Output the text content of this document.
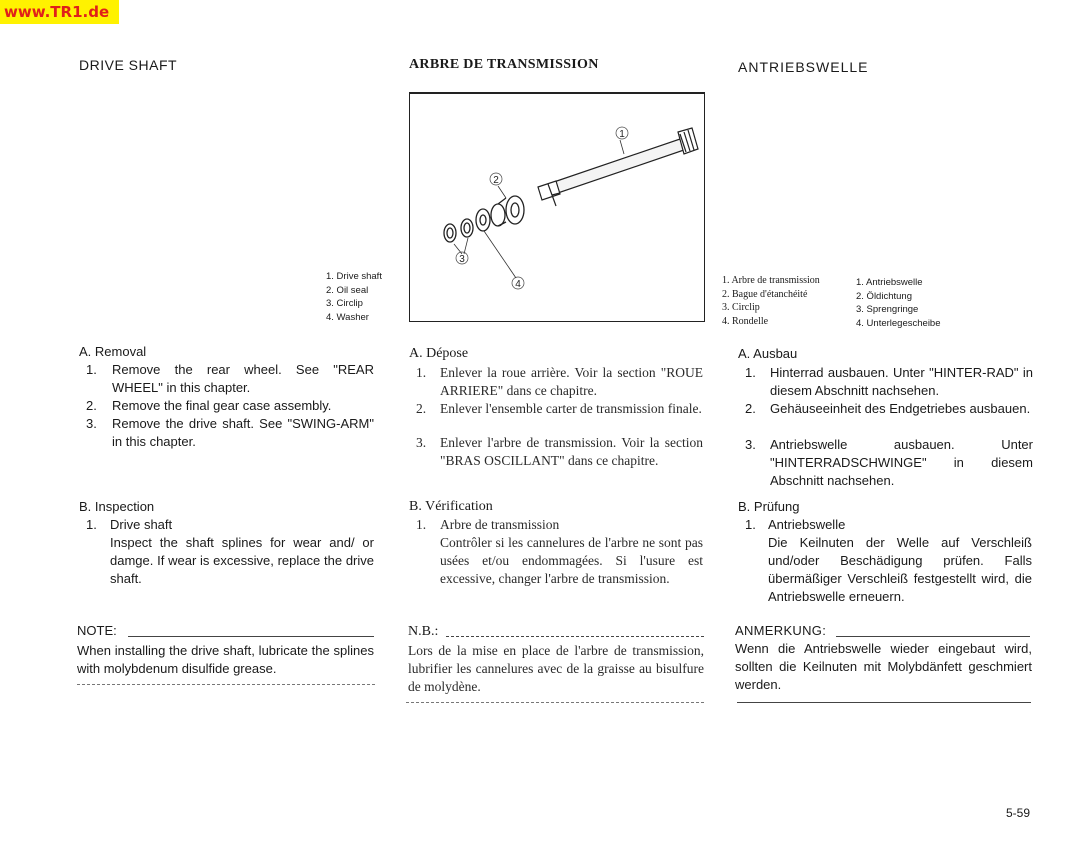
www.TR1.de
DRIVE SHAFT	ARBRE DE TRANSMISSION	ANTRIEBSWELLE
1
2
3
4
1. Drive shaft
2. Oil seal
3. Circlip
4. Washer
1. Arbre de transmission
2. Bague d'étanchéité
3. Circlip
4. Rondelle
1. Antriebswelle
2. Öldichtung
3. Sprengringe
4. Unterlegescheibe
A. Removal
1. Remove the rear wheel. See "REAR WHEEL" in this chapter.
2. Remove the final gear case assembly.
3. Remove the drive shaft. See "SWING-ARM" in this chapter.
B. Inspection
1. Drive shaft
Inspect the shaft splines for wear and/ or damge. If wear is excessive, replace the drive shaft.
NOTE:
When installing the drive shaft, lubricate the splines with molybdenum disulfide grease.
A. Dépose
1. Enlever la roue arrière. Voir la section "ROUE ARRIERE" dans ce chapitre.
2. Enlever l'ensemble carter de transmission finale.
3. Enlever l'arbre de transmission. Voir la section "BRAS OSCILLANT" dans ce chapitre.
B. Vérification
1. Arbre de transmission
Contrôler si les cannelures de l'arbre ne sont pas usées et/ou endommagées. Si l'usure est excessive, changer l'arbre de transmission.
N.B.:
Lors de la mise en place de l'arbre de transmission, lubrifier les cannelures avec de la graisse au bisulfure de molydène.
A. Ausbau
1. Hinterrad ausbauen. Unter "HINTER-RAD" in diesem Abschnitt nachsehen.
2. Gehäuseeinheit des Endgetriebes ausbauen.
3. Antriebswelle ausbauen. Unter "HINTERRADSCHWINGE" in diesem Abschnitt nachsehen.
B. Prüfung
1. Antriebswelle
Die Keilnuten der Welle auf Verschleiß und/oder Beschädigung prüfen. Falls übermäßiger Verschleiß festgestellt wird, die Antriebswelle erneuern.
ANMERKUNG:
Wenn die Antriebswelle wieder eingebaut wird, sollten die Keilnuten mit Molybdänfett geschmiert werden.
5-59
